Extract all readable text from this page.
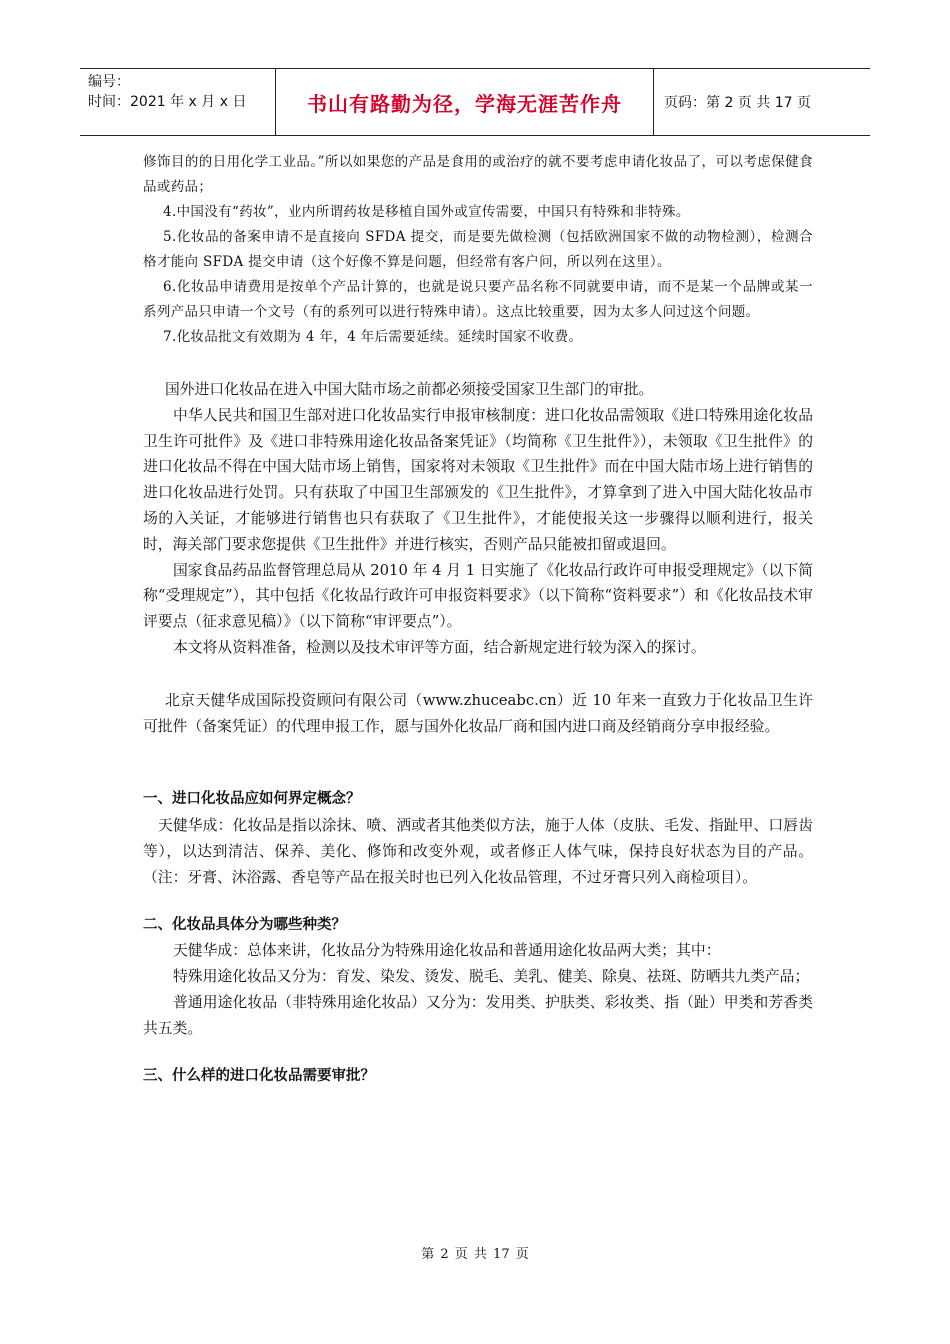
编号：
时间：2021 年 x 月 x 日	书山有路勤为径，学海无涯苦作舟	页码：第 2 页 共 17 页

修饰目的的日用化学工业品。”所以如果您的产品是食用的或治疗的就不要考虑申请化妆品了，可以考虑保健食品或药品；

4.中国没有“药妆”，业内所谓药妆是移植自国外或宣传需要，中国只有特殊和非特殊。

5.化妆品的备案申请不是直接向 SFDA 提交，而是要先做检测（包括欧洲国家不做的动物检测），检测合格才能向 SFDA 提交申请（这个好像不算是问题，但经常有客户问，所以列在这里）。

6.化妆品申请费用是按单个产品计算的，也就是说只要产品名称不同就要申请，而不是某一个品牌或某一系列产品只申请一个文号（有的系列可以进行特殊申请）。这点比较重要，因为太多人问过这个问题。

7.化妆品批文有效期为 4 年，4 年后需要延续。延续时国家不收费。

国外进口化妆品在进入中国大陆市场之前都必须接受国家卫生部门的审批。

中华人民共和国卫生部对进口化妆品实行申报审核制度：进口化妆品需领取《进口特殊用途化妆品卫生许可批件》及《进口非特殊用途化妆品备案凭证》（均简称《卫生批件》），未领取《卫生批件》的进口化妆品不得在中国大陆市场上销售，国家将对未领取《卫生批件》而在中国大陆市场上进行销售的进口化妆品进行处罚。只有获取了中国卫生部颁发的《卫生批件》，才算拿到了进入中国大陆化妆品市场的入关证，才能够进行销售也只有获取了《卫生批件》，才能使报关这一步骤得以顺利进行，报关时，海关部门要求您提供《卫生批件》并进行核实，否则产品只能被扣留或退回。

国家食品药品监督管理总局从 2010 年 4 月 1 日实施了《化妆品行政许可申报受理规定》（以下简称“受理规定”），其中包括《化妆品行政许可申报资料要求》（以下简称“资料要求”）和《化妆品技术审评要点（征求意见稿）》（以下简称“审评要点”）。

本文将从资料准备，检测以及技术审评等方面，结合新规定进行较为深入的探讨。

北京天健华成国际投资顾问有限公司（www.zhuceabc.cn）近 10 年来一直致力于化妆品卫生许可批件（备案凭证）的代理申报工作，愿与国外化妆品厂商和国内进口商及经销商分享申报经验。

一、进口化妆品应如何界定概念？

天健华成：化妆品是指以涂抹、喷、洒或者其他类似方法，施于人体（皮肤、毛发、指趾甲、口唇齿等），以达到清洁、保养、美化、修饰和改变外观，或者修正人体气味，保持良好状态为目的产品。（注：牙膏、沐浴露、香皂等产品在报关时也已列入化妆品管理，不过牙膏只列入商检项目）。

二、化妆品具体分为哪些种类？

天健华成：总体来讲，化妆品分为特殊用途化妆品和普通用途化妆品两大类；其中：

特殊用途化妆品又分为：育发、染发、烫发、脱毛、美乳、健美、除臭、祛斑、防晒共九类产品；

普通用途化妆品（非特殊用途化妆品）又分为：发用类、护肤类、彩妆类、指（趾）甲类和芳香类共五类。

三、什么样的进口化妆品需要审批？

第 2 页 共 17 页
